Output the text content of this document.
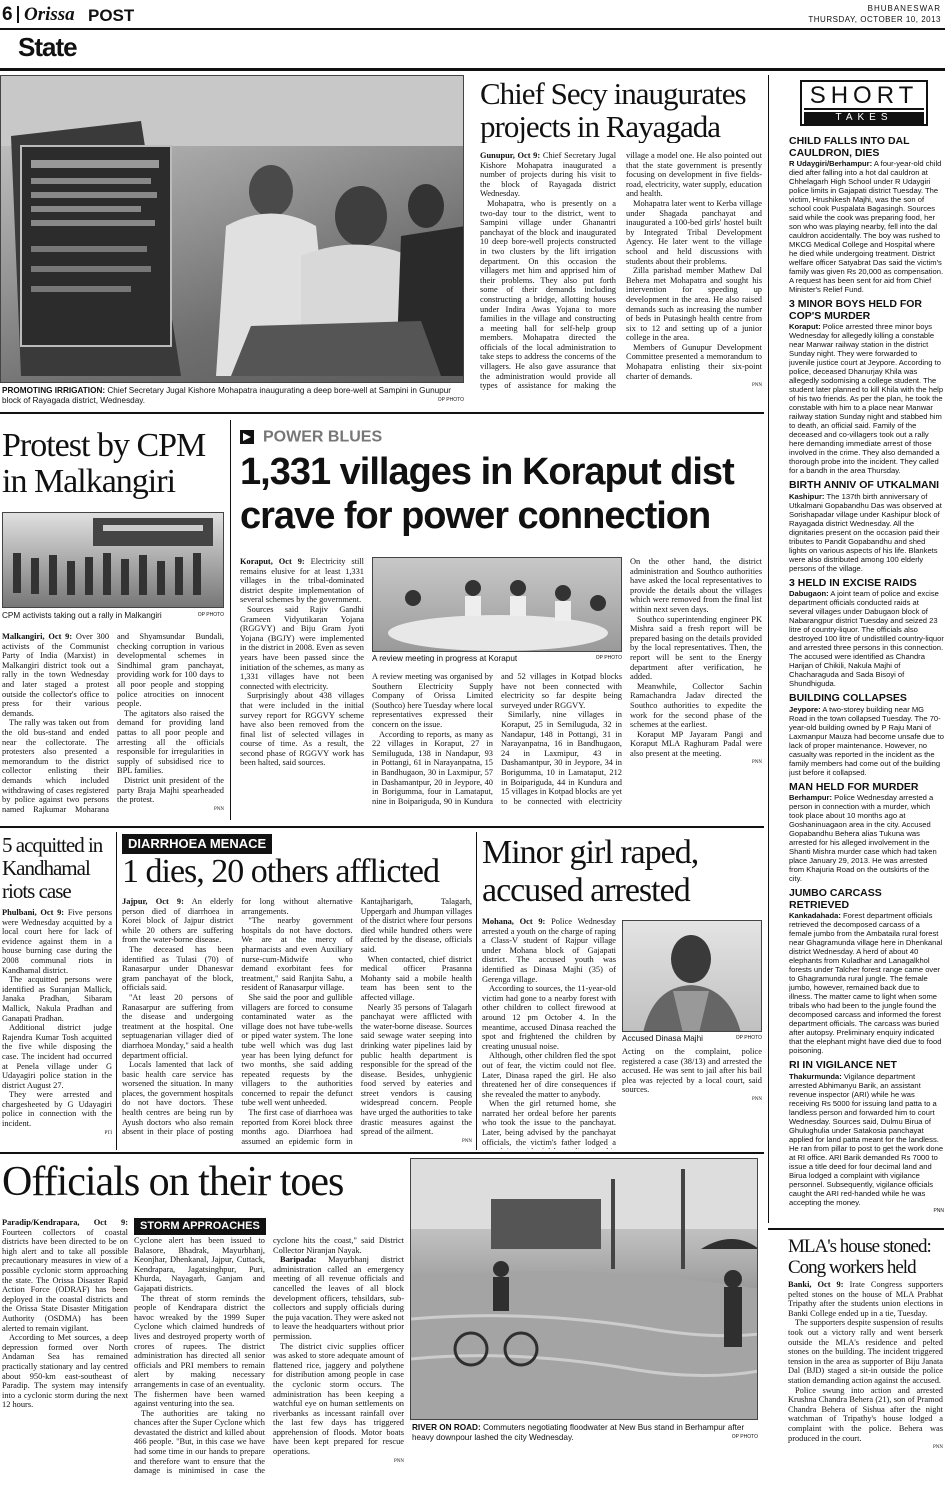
6 Orissa POST
State
BHUBANESWAR
THURSDAY, OCTOBER 10, 2013
PROMOTING IRRIGATION: Chief Secretary Jugal Kishore Mohapatra inaugurating a deep bore-well at Sampini in Gunupur block of Rayagada district, Wednesday.	OP PHOTO
Chief Secy inaugurates projects in Rayagada

Gunupur, Oct 9: Chief Secretary Jugal Kishore Mohapatra inaugurated a number of projects during his visit to the block of Rayagada district Wednesday.

Mohapatra, who is presently on a two-day tour to the district, went to Sampini village under Ghanantri panchayat of the block and inaugurated 10 deep bore-well projects constructed in two clusters by the lift irrigation department. On this occasion the villagers met him and apprised him of their problems. They also put forth some of their demands including constructing a bridge, allotting houses under Indira Awas Yojana to more families in the village and constructing a meeting hall for self-help group members. Mohapatra directed the officials of the local administration to take steps to address the concerns of the villagers. He also gave assurance that the administration would provide all types of assistance for making the village a model one. He also pointed out that the state government is presently focusing on development in five fields-road, electricity, water supply, education and health.

Mohapatra later went to Kerba village under Shagada panchayat and inaugurated a 100-bed girls' hostel built by Integrated Tribal Development Agency. He later went to the village school and held discussions with students about their problems.

Zilla parishad member Mathew Dal Behera met Mohapatra and sought his intervention for speeding up development in the area. He also raised demands such as increasing the number of beds in Putasingh health centre from six to 12 and setting up of a junior college in the area.

Members of Gunupur Development Committee presented a memorandum to Mohapatra enlisting their six-point charter of demands.

PNN

SHORT
TAKES
CHILD FALLS INTO DAL CAULDRON, DIES
R Udaygiri/Berhampur: A four-year-old child died after falling into a hot dal cauldron at Chhelagarh High School under R Udaygiri police limits in Gajapati district Tuesday. The victim, Hrushikesh Majhi, was the son of school cook Puspalata Bagasingh. Sources said while the cook was preparing food, her son who was playing nearby, fell into the dal cauldron accidentally. The boy was rushed to MKCG Medical College and Hospital where he died while undergoing treatment. District welfare officer Satyabrat Das said the victim's family was given Rs 20,000 as compensation. A request has been sent for aid from Chief Minister's Relief Fund.
3 MINOR BOYS HELD FOR COP'S MURDER
Koraput: Police arrested three minor boys Wednesday for allegedly killing a constable near Manwar railway station in the district Sunday night. They were forwarded to juvenile justice court at Jeypore. According to police, deceased Dhanurjay Khila was allegedly sodomising a college student. The student later planned to kill Khila with the help of his two friends. As per the plan, he took the constable with him to a place near Manwar railway station Sunday night and stabbed him to death, an official said. Family of the deceased and co-villagers took out a rally here demanding immediate arrest of those involved in the crime. They also demanded a thorough probe into the incident. They called for a bandh in the area Thursday.
BIRTH ANNIV OF UTKALMANI
Kashipur: The 137th birth anniversary of Utkalmani Gopabandhu Das was observed at Sorishapadar village under Kashipur block of Rayagada district Wednesday. All the dignitaries present on the occasion paid their tributes to Pandit Gopabandhu and shed lights on various aspects of his life. Blankets were also distributed among 100 elderly persons of the village.
3 HELD IN EXCISE RAIDS
Dabugaon: A joint team of police and excise department officials conducted raids at several villages under Dabugaon block of Nabarangpur district Tuesday and seized 23 litre of country-liquor. The officials also destroyed 100 litre of undistilled country-liquor and arrested three persons in this connection. The accused were identified as Chandra Harijan of Chikili, Nakula Majhi of Chacharaguda and Sada Bisoyi of Shundhiguda.
BUILDING COLLAPSES
Jeypore: A two-storey building near MG Road in the town collapsed Tuesday. The 70-year-old building owned by P Raju Mani of Laxmanpur Mauza had become unsafe due to lack of proper maintenance. However, no casualty was reported in the incident as the family members had come out of the building just before it collapsed.
MAN HELD FOR MURDER
Berhampur: Police Wednesday arrested a person in connection with a murder, which took place about 10 months ago at Goshaninuagaon area in the city. Accused Gopabandhu Behera alias Tukuna was arrested for his alleged involvement in the Shanti Mishra murder case which had taken place January 29, 2013. He was arrested from Khajuria Road on the outskirts of the city.
JUMBO CARCASS RETRIEVED
Kankadahada: Forest department officials retrieved the decomposed carcass of a female jumbo from the Ambataila rural forest near Ghagramunda village here in Dhenkanal district Wednesday. A herd of about 40 elephants from Kuladhar and Lanagalkhol forests under Talcher forest range came over to Ghagramunda rural jungle. The female jumbo, however, remained back due to illness. The matter came to light when some tribals who had been to the jungle found the decomposed carcass and informed the forest department officials. The carcass was buried after autopsy. Preliminary enquiry indicated that the elephant might have died due to food poisoning.
RI IN VIGILANCE NET
Thakurmunda: Vigilance department arrested Abhimanyu Barik, an assistant revenue inspector (ARI) while he was receiving Rs 5000 for issuing land patta to a landless person and forwarded him to court Wednesday. Sources said, Dulmu Birua of Ghulughulia under Satakosia panchayat applied for land patta meant for the landless. He ran from pillar to post to get the work done at RI office. ARI Barik demanded Rs 7000 to issue a title deed for four decimal land and Birua lodged a complaint with vigilance personnel. Subsequently, vigilance officials caught the ARI red-handed while he was accepting the money.
PNN
Protest by CPM in Malkangiri
CPM activists taking out a rally in Malkangiri	OP PHOTO

Malkangiri, Oct 9: Over 300 activists of the Communist Party of India (Marxist) in Malkangiri district took out a rally in the town Wednesday and later staged a protest outside the collector's office to press for their various demands.

The rally was taken out from the old bus-stand and ended near the collectorate. The protesters also presented a memorandum to the district collector enlisting their demands which included withdrawing of cases registered by police against two persons named Rajkumar Moharana and Shyamsundar Bundali, checking corruption in various developmental schemes in Sindhimal gram panchayat, providing work for 100 days to all poor people and stopping police atrocities on innocent people.

The agitators also raised the demand for providing land pattas to all poor people and arresting all the officials responsible for irregularities in supply of subsidised rice to BPL families.

District unit president of the party Braja Majhi spearheaded the protest.

PNN

POWER BLUES
1,331 villages in Koraput dist crave for power connection
A review meeting in progress at Koraput	OP PHOTO

Koraput, Oct 9: Electricity still remains elusive for at least 1,331 villages in the tribal-dominated district despite implementation of several schemes by the government.

Sources said Rajiv Gandhi Grameen Vidyutikaran Yojana (RGGVY) and Biju Gram Jyoti Yojana (BGJY) were implemented in the district in 2008. Even as seven years have been passed since the initiation of the schemes, as many as 1,331 villages have not been connected with electricity.

Surprisingly about 438 villages that were included in the initial survey report for RGGVY scheme have also been removed from the final list of selected villages in course of time. As a result, the second phase of RGGVY work has been halted, said sources.

A review meeting was organised by Southern Electricity Supply Company of Orissa Limited (Southco) here Tuesday where local representatives expressed their concern on the issue.

According to reports, as many as 22 villages in Koraput, 27 in Semiluguda, 138 in Nandapur, 93 in Pottangi, 61 in Narayanpatna, 15 in Bandhugaon, 30 in Laxmipur, 57 in Dashamantpur, 20 in Jeypore, 40 in Borigumma, four in Lamataput, nine in Boipariguda, 90 in Kundura and 52 villages in Kotpad blocks have not been connected with electricity so far despite being surveyed under RGGVY.

Similarly, nine villages in Koraput, 25 in Semiluguda, 32 in Nandapur, 148 in Pottangi, 31 in Narayanpatna, 16 in Bandhugaon, 24 in Laxmipur, 43 in Dashamantpur, 30 in Jeypore, 34 in Borigumma, 10 in Lamataput, 212 in Boipariguda, 44 in Kundura and 15 villages in Kotpad blocks are yet to be connected with electricity

On the other hand, the district administration and Southco authorities have asked the local representatives to provide the details about the villages which were removed from the final list within next seven days.

Southco superintending engineer PK Mishra said a fresh report will be prepared basing on the details provided by the local representatives. Then, the report will be sent to the Energy department after verification, he added.

Meanwhile, Collector Sachin Ramachandra Jadav directed the Southco authorities to expedite the work for the second phase of the schemes at the earliest.

Koraput MP Jayaram Pangi and Koraput MLA Raghuram Padal were also present at the meeting.

PNN

5 acquitted in Kandhamal riots case

Phulbani, Oct 9: Five persons were Wednesday acquitted by a local court here for lack of evidence against them in a house burning case during the 2008 communal riots in Kandhamal district.

The acquitted persons were identified as Suranjan Mallick, Janaka Pradhan, Sibaram Mallick, Nakula Pradhan and Ganapati Pradhan.

Additional district judge Rajendra Kumar Tosh acquitted the five while disposing the case. The incident had occurred at Penela village under G Udayagiri police station in the district August 27.

They were arrested and chargesheeted by G Udayagiri police in connection with the incident.

PTI

DIARRHOEA MENACE
1 dies, 20 others afflicted

Jajpur, Oct 9: An elderly person died of diarrhoea in Korei block of Jajpur district while 20 others are suffering from the water-borne disease.

The deceased has been identified as Tulasi (70) of Ranasarpur under Dhanesvar gram panchayat of the block, officials said.

"At least 20 persons of Ranasarpur are suffering from the disease and undergoing treatment at the hospital. One septuagenarian villager died of diarrhoea Monday," said a health department official.

Locals lamented that lack of basic health care service has worsened the situation. In many places, the government hospitals do not have doctors. These health centres are being run by Ayush doctors who also remain absent in their place of posting for long without alternative arrangements.

"The nearby government hospitals do not have doctors. We are at the mercy of pharmacists and even Auxiliary nurse-cum-Midwife who demand exorbitant fees for treatment," said Ranjita Sahu, a resident of Ranasarpur village.

She said the poor and gullible villagers are forced to consume contaminated water as the village does not have tube-wells or piped water system. The lone tube well which was dug last year has been lying defunct for two months, she said adding repeated requests by the villagers to the authorities concerned to repair the defunct tube well went unheeded.

The first case of diarrhoea was reported from Korei block three months ago. Diarrhoea had assumed an epidemic form in Kantajharigarh, Talagarh, Uppergarh and Jhumpan villages of the district where four persons died while hundred others were affected by the disease, officials said.

When contacted, chief district medical officer Prasanna Mohanty said a mobile health team has been sent to the affected village.

Nearly 35 persons of Talagarh panchayat were afflicted with the water-borne disease. Sources said sewage water seeping into drinking water pipelines laid by public health department is responsible for the spread of the disease. Besides, unhygienic food served by eateries and street vendors is causing widespread concern. People have urged the authorities to take drastic measures against the spread of the ailment.

PNN

Minor girl raped, accused arrested

Mohana, Oct 9: Police Wednesday arrested a youth on the charge of raping a Class-V student of Rajpur village under Mohana block of Gajapati district. The accused youth was identified as Dinasa Majhi (35) of Gerenga village.

According to sources, the 11-year-old victim had gone to a nearby forest with other children to collect firewood at around 12 pm October 4. In the meantime, accused Dinasa reached the spot and frightened the children by creating unusual noise.

Although, other children fled the spot out of fear, the victim could not flee. Later, Dinasa raped the girl. He also threatened her of dire consequences if she revealed the matter to anybody.

When the girl returned home, she narrated her ordeal before her parents who took the issue to the panchayat. Later, being advised by the panchayat officials, the victim's father lodged a

Accused Dinasa Majhi	OP PHOTO

Acting on the complaint, police registered a case (38/13) and arrested the accused. He was sent to jail after his bail plea was rejected by a local court, said sources.

PNN

Officials on their toes
STORM APPROACHES

Paradip/Kendrapara, Oct 9: Fourteen collectors of coastal districts have been directed to be on high alert and to take all possible precautionary measures in view of a possible cyclonic storm approaching the state. The Orissa Disaster Rapid Action Force (ODRAF) has been deployed in the coastal districts and the Orissa State Disaster Mitigation Authority (OSDMA) has been alerted to remain vigilant.

According to Met sources, a deep depression formed over North Andaman Sea has remained practically stationary and lay centred about 950-km east-southeast of Paradip. The system may intensify into a cyclonic storm during the next 12 hours.

Cyclone alert has been issued to Balasore, Bhadrak, Mayurbhanj, Keonjhar, Dhenkanal, Jajpur, Cuttack, Kendrapara, Jagatsinghpur, Puri, Khurda, Nayagarh, Ganjam and Gajapati districts.

The threat of storm reminds the people of Kendrapara district the havoc wreaked by the 1999 Super Cyclone which claimed hundreds of lives and destroyed property worth of crores of rupees. The district administration has directed all senior officials and PRI members to remain alert by making necessary arrangements in case of an eventuality. The fishermen have been warned against venturing into the sea.

The authorities are taking no chances after the Super Cyclone which devastated the district and killed about 466 people. "But, in this case we have had some time in our hands to prepare and therefore want to ensure that the damage is minimised in case the cyclone hits the coast," said District Collector Niranjan Nayak.

Baripada: Mayurbhanj district administration called an emergency meeting of all revenue officials and cancelled the leaves of all block development officers, tehsildars, sub-collectors and supply officials during the puja vacation. They were asked not to leave the headquarters without prior permission.

The district civic supplies officer was asked to store adequate amount of flattened rice, jaggery and polythene for distribution among people in case the cyclonic storm occurs. The administration has been keeping a watchful eye on human settlements on riverbanks as incessant rainfall over the last few days has triggered apprehension of floods. Motor boats have been kept prepared for rescue operations.

PNN

RIVER ON ROAD: Commuters negotiating floodwater at New Bus stand in Berhampur after heavy downpour lashed the city Wednesday.	OP PHOTO
MLA's house stoned: Cong workers held

Banki, Oct 9: Irate Congress supporters pelted stones on the house of MLA Prabhat Tripathy after the students union elections in Banki College ended up in a tie, Tuesday.

The supporters despite suspension of results took out a victory rally and went berserk outside the MLA's residence and pelted stones on the building. The incident triggered tension in the area as supporter of Biju Janata Dal (BJD) staged a sit-in outside the police station demanding action against the accused.

Police swung into action and arrested Krushna Chandra Behera (21), son of Pramod Chandra Behera of Sishua after the night watchman of Tripathy's house lodged a complaint with the police. Behera was produced in the court.

PNN
